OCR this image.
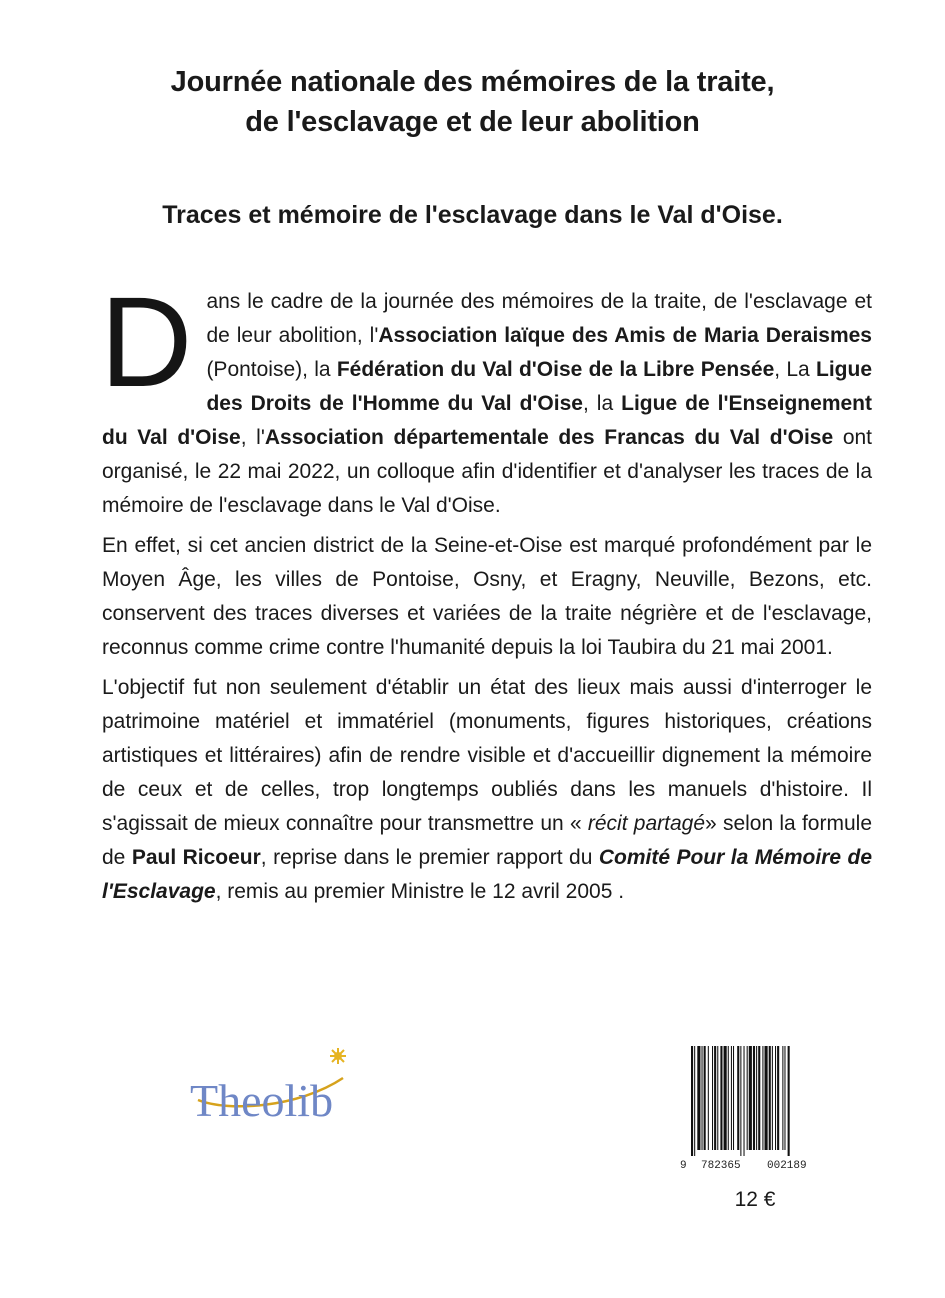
Journée nationale des mémoires de la traite,
de l'esclavage et de leur abolition
Traces et mémoire de l'esclavage dans le Val d'Oise.

Dans le cadre de la journée des mémoires de la traite, de l'esclavage et de leur abolition, l'Association laïque des Amis de Maria Deraismes (Pontoise), la Fédération du Val d'Oise de la Libre Pensée, La Ligue des Droits de l'Homme du Val d'Oise, la Ligue de l'Enseignement du Val d'Oise, l'Association départementale des Francas du Val d'Oise ont organisé, le 22 mai 2022, un colloque afin d'identifier et d'analyser les traces de la mémoire de l'esclavage dans le Val d'Oise.

En effet, si cet ancien district de la Seine-et-Oise est marqué profondément par le Moyen Âge, les villes de Pontoise, Osny, et Eragny, Neuville, Bezons, etc. conservent des traces diverses et variées de la traite négrière et de l'esclavage, reconnus comme crime contre l'humanité depuis la loi Taubira du 21 mai 2001.

L'objectif fut non seulement d'établir un état des lieux mais aussi d'interroger le patrimoine matériel et immatériel (monuments, figures historiques, créations artistiques et littéraires) afin de rendre visible et d'accueillir dignement la mémoire de ceux et de celles, trop longtemps oubliés dans les manuels d'histoire. Il s'agissait de mieux connaître pour transmettre un « récit partagé» selon la formule de Paul Ricoeur, reprise dans le premier rapport du Comité Pour la Mémoire de l'Esclavage, remis au premier Ministre le 12 avril 2005 .

Theolib
9 782365 002189
12 €
